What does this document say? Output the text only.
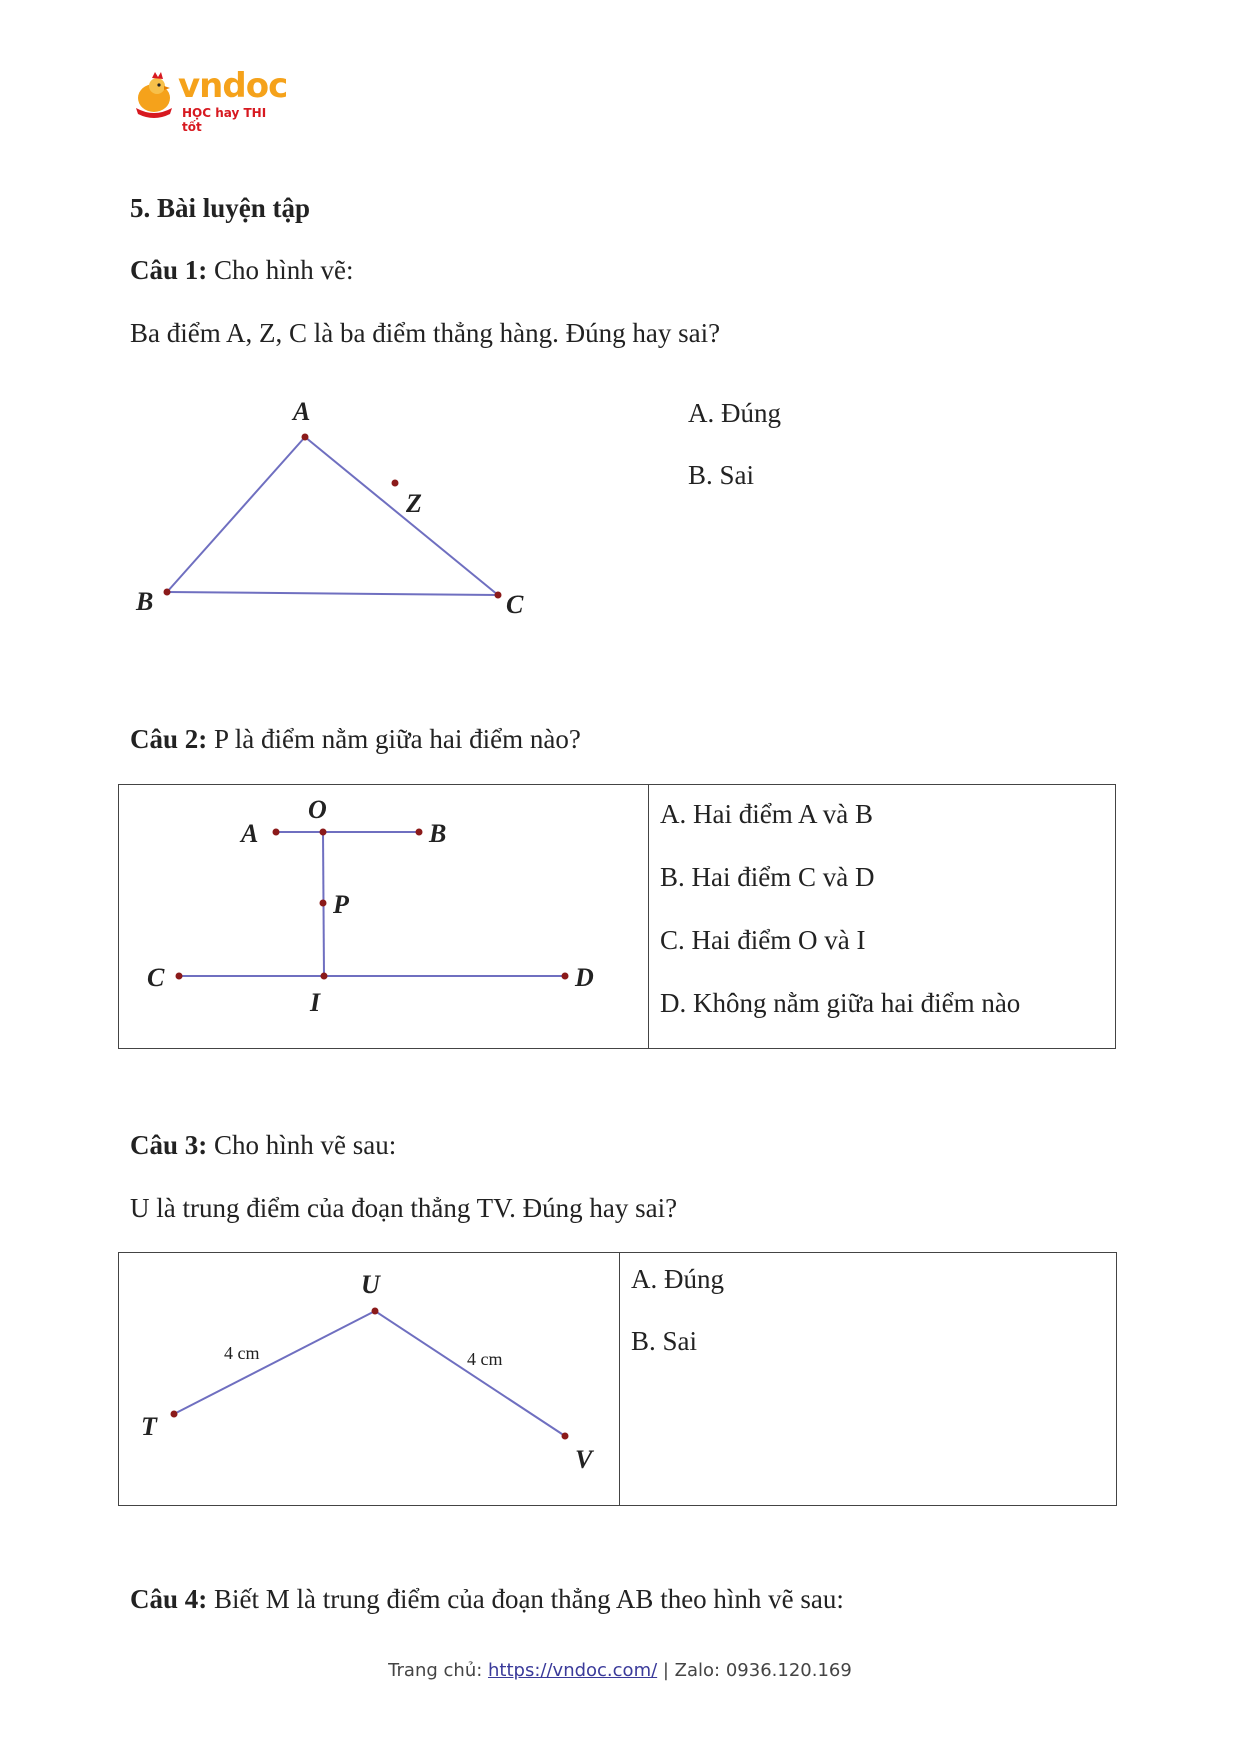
vndoc
HỌC hay THI tốt
5. Bài luyện tập
Câu 1: Cho hình vẽ:
Ba điểm A, Z, C là ba điểm thẳng hàng. Đúng hay sai?
A
B	C
Z
A. Đúng
B. Sai
Câu 2: P là điểm nằm giữa hai điểm nào?
A
O
B
P
C
I
D
A. Hai điểm A và B
B. Hai điểm C và D
C. Hai điểm O và I
D. Không nằm giữa hai điểm nào
Câu 3: Cho hình vẽ sau:
U là trung điểm của đoạn thẳng TV. Đúng hay sai?
T
U
V
4 cm	4 cm
A. Đúng
B. Sai
Câu 4: Biết M là trung điểm của đoạn thẳng AB theo hình vẽ sau:
Trang chủ: https://vndoc.com/ | Zalo: 0936.120.169
